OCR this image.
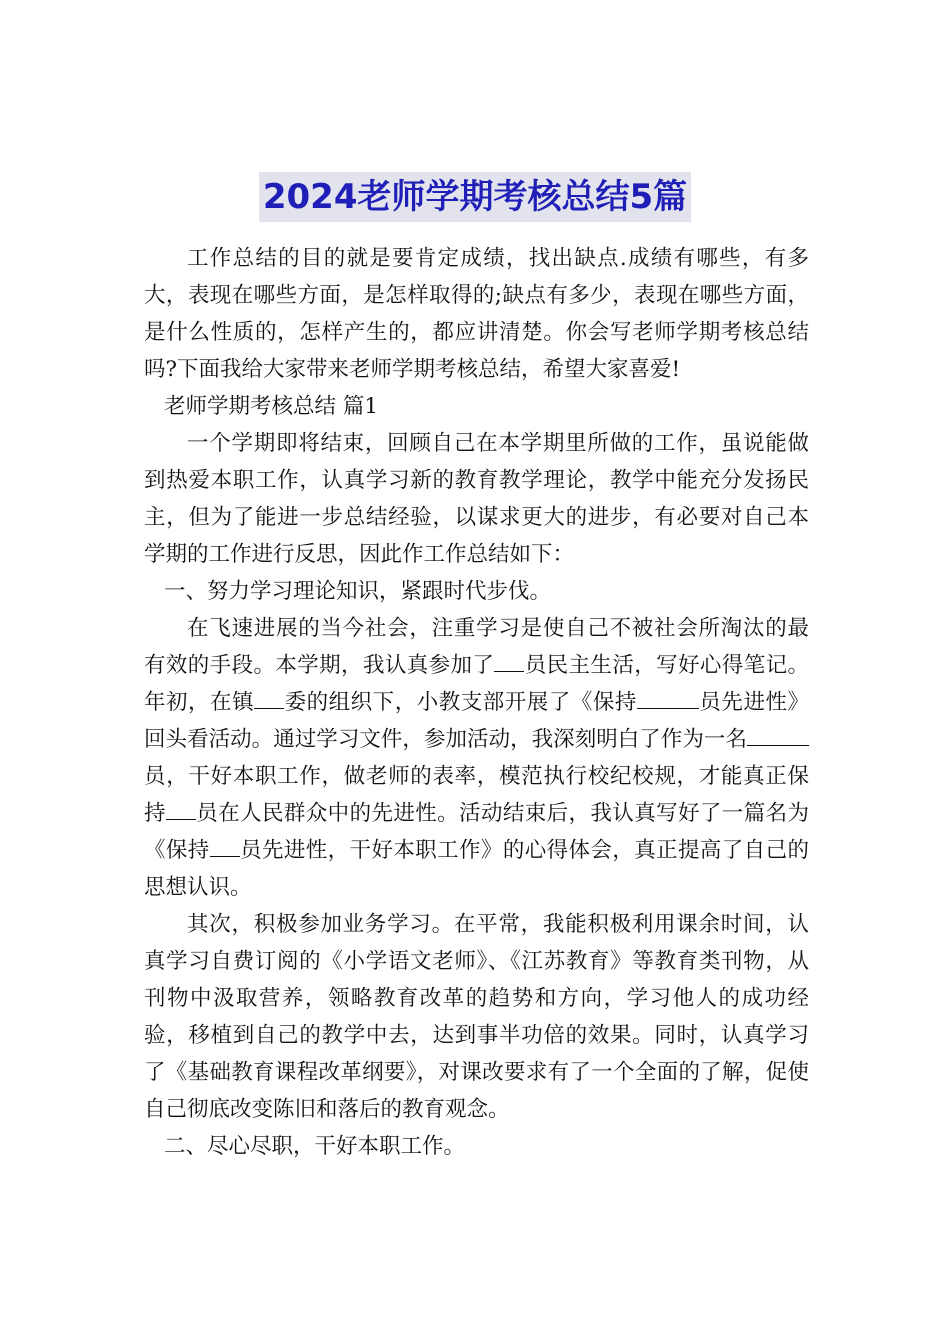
2024老师学期考核总结5篇

工作总结的目的就是要肯定成绩，找出缺点.成绩有哪些，有多大，表现在哪些方面，是怎样取得的;缺点有多少，表现在哪些方面，是什么性质的，怎样产生的，都应讲清楚。你会写老师学期考核总结吗?下面我给大家带来老师学期考核总结，希望大家喜爱!

老师学期考核总结 篇1

一个学期即将结束，回顾自己在本学期里所做的工作，虽说能做到热爱本职工作，认真学习新的教育教学理论，教学中能充分发扬民主，但为了能进一步总结经验，以谋求更大的进步，有必要对自己本学期的工作进行反思，因此作工作总结如下：

一、努力学习理论知识，紧跟时代步伐。

在飞速进展的当今社会，注重学习是使自己不被社会所淘汰的最有效的手段。本学期，我认真参加了 员民主生活，写好心得笔记。年初，在镇 委的组织下，小教支部开展了《保持	员先进性》回头看活动。通过学习文件，参加活动，我深刻明白了作为一名员，干好本职工作，做老师的表率，模范执行校纪校规，才能真正保持 员在人民群众中的先进性。活动结束后，我认真写好了一篇名为《保持 员先进性，干好本职工作》的心得体会，真正提高了自己的思想认识。

其次，积极参加业务学习。在平常，我能积极利用课余时间，认真学习自费订阅的《小学语文老师》、《江苏教育》等教育类刊物，从刊物中汲取营养，领略教育改革的趋势和方向，学习他人的成功经验，移植到自己的教学中去，达到事半功倍的效果。同时，认真学习了《基础教育课程改革纲要》，对课改要求有了一个全面的了解，促使自己彻底改变陈旧和落后的教育观念。

二、尽心尽职，干好本职工作。
